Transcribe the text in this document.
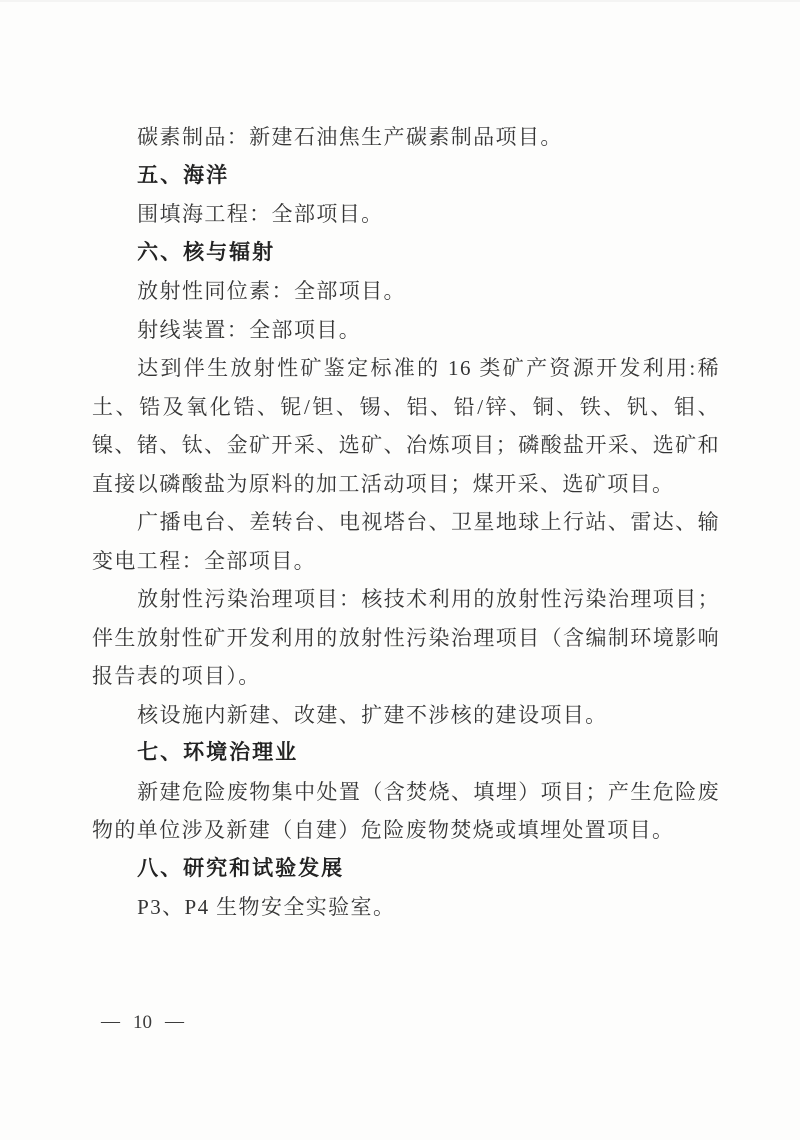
碳素制品：新建石油焦生产碳素制品项目。

五、海洋

围填海工程：全部项目。

六、核与辐射

放射性同位素：全部项目。

射线装置：全部项目。

达到伴生放射性矿鉴定标准的 16 类矿产资源开发利用:稀土、锆及氧化锆、铌/钽、锡、铝、铅/锌、铜、铁、钒、钼、镍、锗、钛、金矿开采、选矿、冶炼项目；磷酸盐开采、选矿和直接以磷酸盐为原料的加工活动项目；煤开采、选矿项目。

广播电台、差转台、电视塔台、卫星地球上行站、雷达、输变电工程：全部项目。

放射性污染治理项目：核技术利用的放射性污染治理项目；伴生放射性矿开发利用的放射性污染治理项目（含编制环境影响报告表的项目）。

核设施内新建、改建、扩建不涉核的建设项目。

七、环境治理业

新建危险废物集中处置（含焚烧、填埋）项目；产生危险废物的单位涉及新建（自建）危险废物焚烧或填埋处置项目。

八、研究和试验发展

P3、P4 生物安全实验室。

— 10 —
